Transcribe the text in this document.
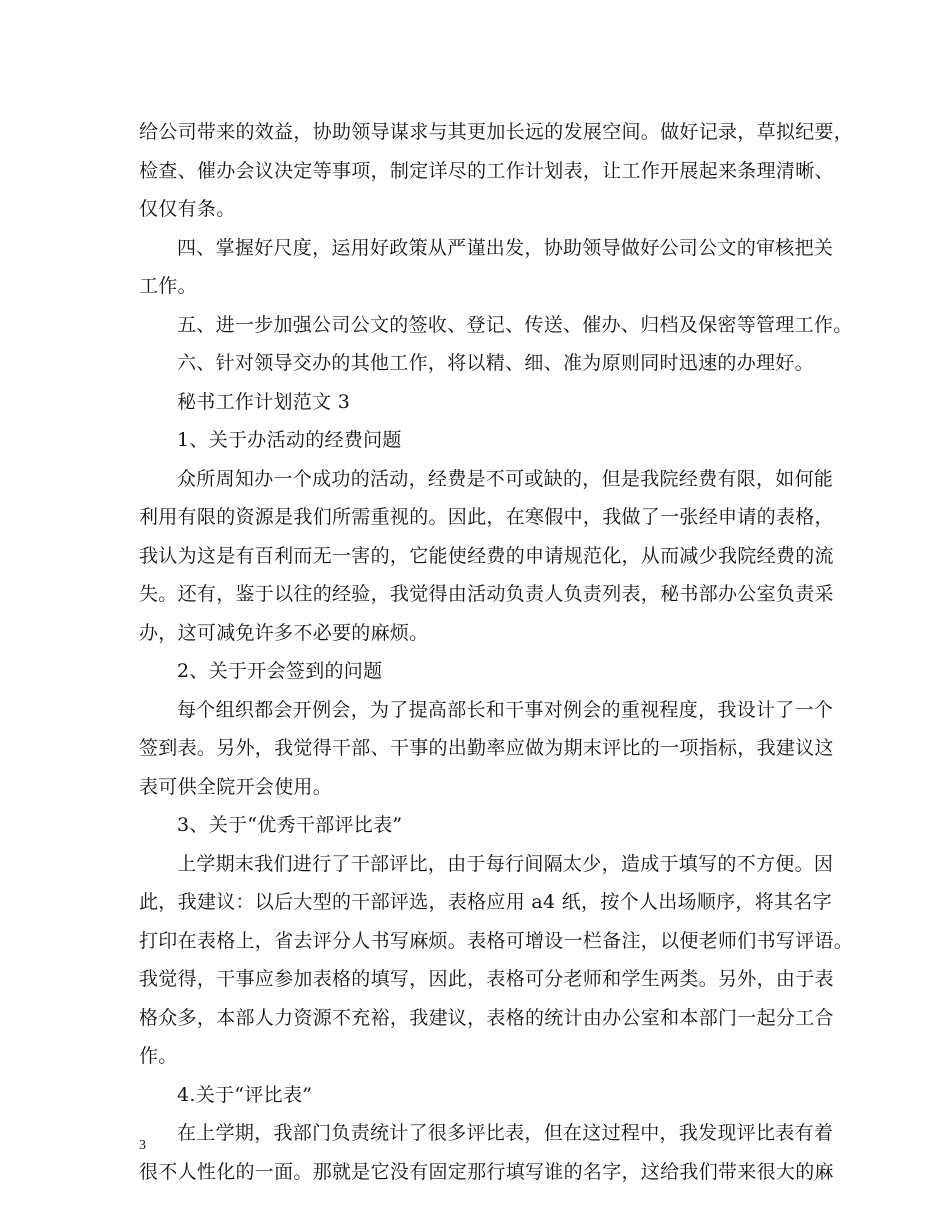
给公司带来的效益，协助领导谋求与其更加长远的发展空间。做好记录，草拟纪要，
检查、催办会议决定等事项，制定详尽的工作计划表，让工作开展起来条理清晰、
仅仅有条。
四、掌握好尺度，运用好政策从严谨出发，协助领导做好公司公文的审核把关
工作。
五、进一步加强公司公文的签收、登记、传送、催办、归档及保密等管理工作。
六、针对领导交办的其他工作，将以精、细、准为原则同时迅速的办理好。
秘书工作计划范文 3
1、关于办活动的经费问题
众所周知办一个成功的活动，经费是不可或缺的，但是我院经费有限，如何能
利用有限的资源是我们所需重视的。因此，在寒假中，我做了一张经申请的表格，
我认为这是有百利而无一害的，它能使经费的申请规范化，从而减少我院经费的流
失。还有，鉴于以往的经验，我觉得由活动负责人负责列表，秘书部办公室负责采
办，这可减免许多不必要的麻烦。
2、关于开会签到的问题
每个组织都会开例会，为了提高部长和干事对例会的重视程度，我设计了一个
签到表。另外，我觉得干部、干事的出勤率应做为期末评比的一项指标，我建议这
表可供全院开会使用。
3、关于“优秀干部评比表”
上学期末我们进行了干部评比，由于每行间隔太少，造成于填写的不方便。因
此，我建议：以后大型的干部评选，表格应用 a4 纸，按个人出场顺序，将其名字
打印在表格上，省去评分人书写麻烦。表格可增设一栏备注，以便老师们书写评语。
我觉得，干事应参加表格的填写，因此，表格可分老师和学生两类。另外，由于表
格众多，本部人力资源不充裕，我建议，表格的统计由办公室和本部门一起分工合
作。
4.关于“评比表”
在上学期，我部门负责统计了很多评比表，但在这过程中，我发现评比表有着
很不人性化的一面。那就是它没有固定那行填写谁的名字，这给我们带来很大的麻
3
